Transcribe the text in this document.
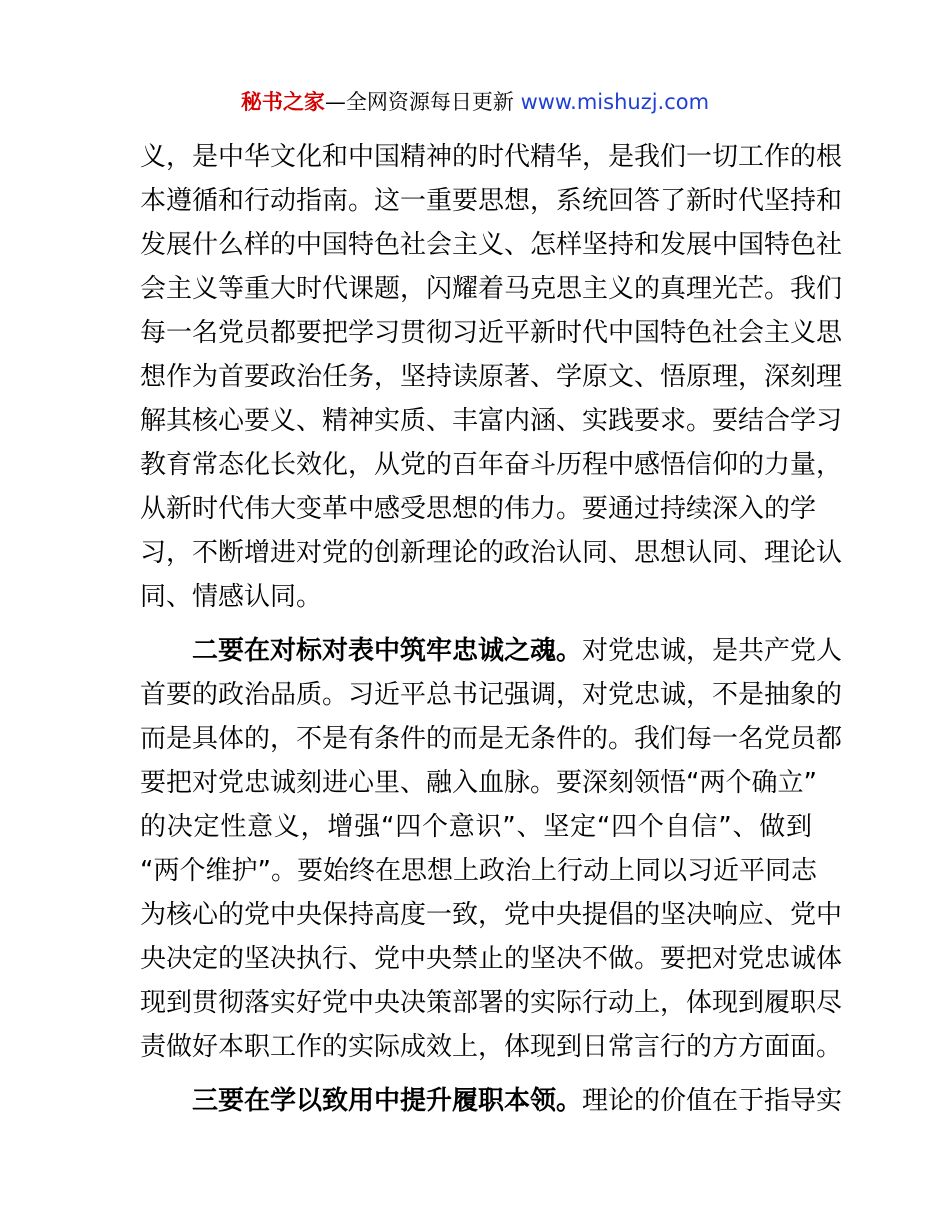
秘书之家—全网资源每日更新 www.mishuzj.com
义，是中华文化和中国精神的时代精华，是我们一切工作的根
本遵循和行动指南。这一重要思想，系统回答了新时代坚持和
发展什么样的中国特色社会主义、怎样坚持和发展中国特色社
会主义等重大时代课题，闪耀着马克思主义的真理光芒。我们
每一名党员都要把学习贯彻习近平新时代中国特色社会主义思
想作为首要政治任务，坚持读原著、学原文、悟原理，深刻理
解其核心要义、精神实质、丰富内涵、实践要求。要结合学习
教育常态化长效化，从党的百年奋斗历程中感悟信仰的力量，
从新时代伟大变革中感受思想的伟力。要通过持续深入的学
习，不断增进对党的创新理论的政治认同、思想认同、理论认
同、情感认同。
二要在对标对表中筑牢忠诚之魂。对党忠诚，是共产党人
首要的政治品质。习近平总书记强调，对党忠诚，不是抽象的
而是具体的，不是有条件的而是无条件的。我们每一名党员都
要把对党忠诚刻进心里、融入血脉。要深刻领悟“两个确立”
的决定性意义，增强“四个意识”、坚定“四个自信”、做到
“两个维护”。要始终在思想上政治上行动上同以习近平同志
为核心的党中央保持高度一致，党中央提倡的坚决响应、党中
央决定的坚决执行、党中央禁止的坚决不做。要把对党忠诚体
现到贯彻落实好党中央决策部署的实际行动上，体现到履职尽
责做好本职工作的实际成效上，体现到日常言行的方方面面。
三要在学以致用中提升履职本领。理论的价值在于指导实
